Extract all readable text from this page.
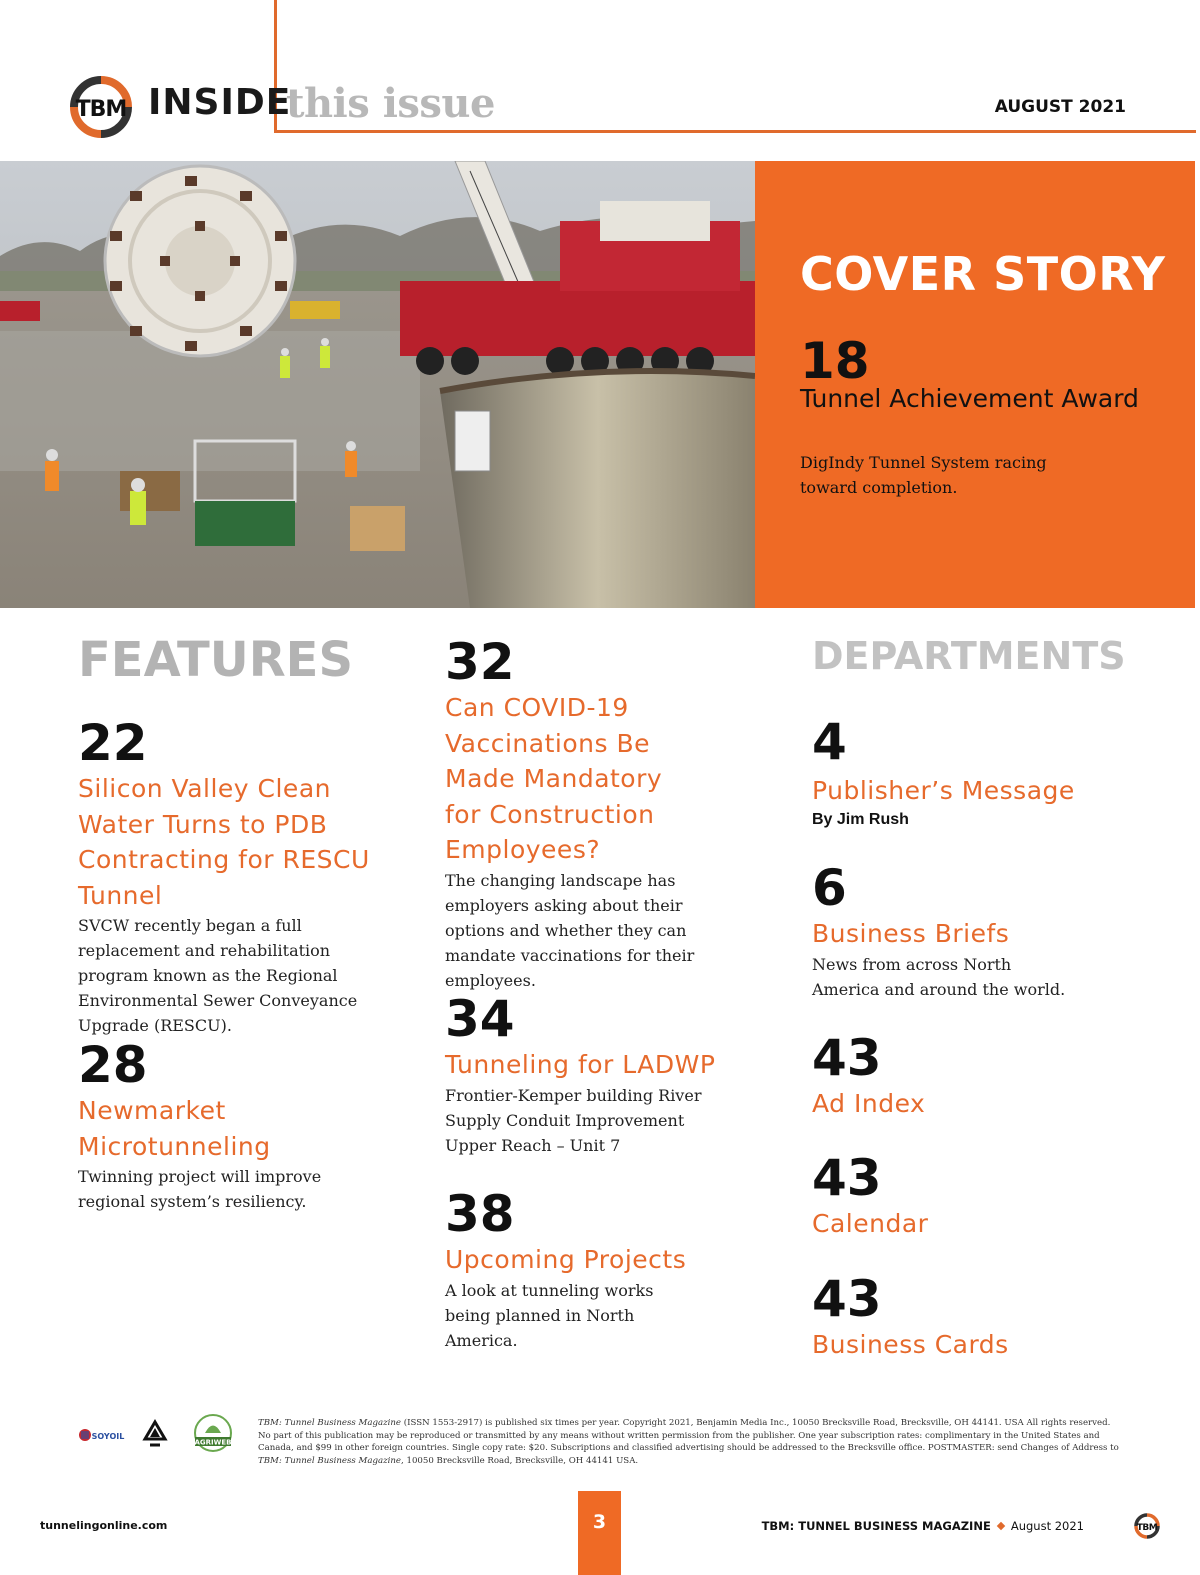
TBM INSIDE
this issue	AUGUST 2021
COVER STORY
18
Tunnel Achievement Award
DigIndy Tunnel System racing toward completion.
FEATURES
22
Silicon Valley Clean Water Turns to PDB Contracting for RESCU Tunnel
SVCW recently began a full replacement and rehabilitation program known as the Regional Environmental Sewer Conveyance Upgrade (RESCU).
28
Newmarket Microtunneling
Twinning project will improve regional system’s resiliency.
32
Can COVID-19 Vaccinations Be Made Mandatory for Construction Employees?
The changing landscape has employers asking about their options and whether they can mandate vaccinations for their employees.
34
Tunneling for LADWP
Frontier-Kemper building River Supply Conduit Improvement Upper Reach – Unit 7
38
Upcoming Projects
A look at tunneling works being planned in North America.
DEPARTMENTS
4
Publisher’s Message
By Jim Rush
6
Business Briefs
News from across North America and around the world.
43
Ad Index
43
Calendar
43
Business Cards
SOYOIL
AGRIWEB
TBM: Tunnel Business Magazine (ISSN 1553-2917) is published six times per year. Copyright 2021, Benjamin Media Inc., 10050 Brecksville Road, Brecksville, OH 44141. USA All rights reserved. No part of this publication may be reproduced or transmitted by any means without written permission from the publisher. One year subscription rates: complimentary in the United States and Canada, and $99 in other foreign countries. Single copy rate: $20. Subscriptions and classified advertising should be addressed to the Brecksville office. POSTMASTER: send Changes of Address to TBM: Tunnel Business Magazine, 10050 Brecksville Road, Brecksville, OH 44141 USA.
tunnelingonline.com	3	TBM: TUNNEL BUSINESS MAGAZINE August 2021	TBM
